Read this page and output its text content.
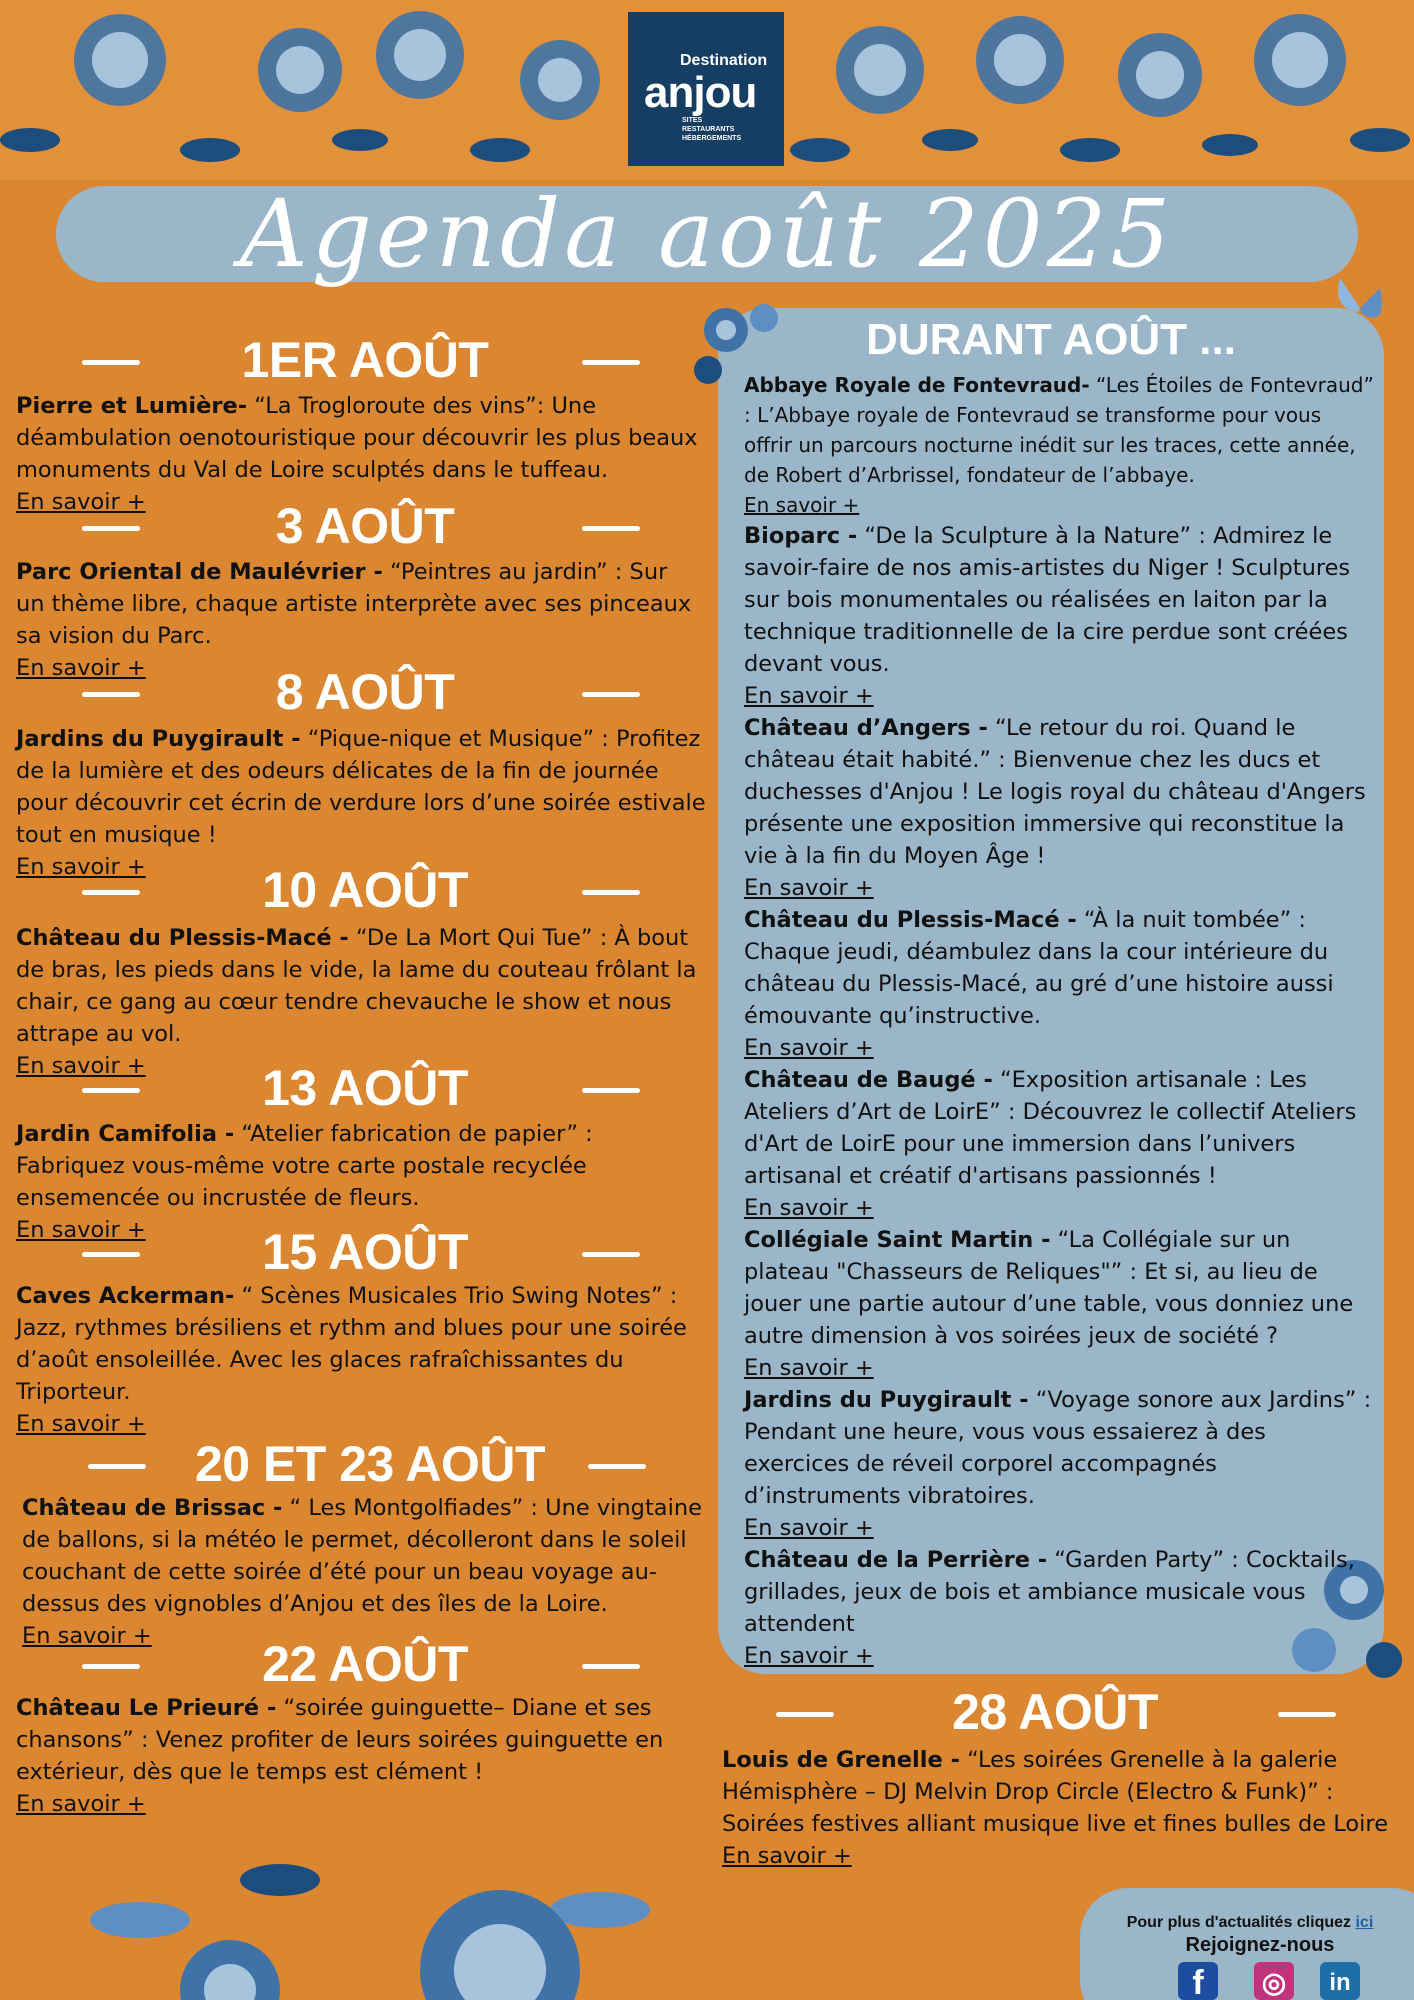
Destination
anjou
SITES
RESTAURANTS
HÉBERGEMENTS
Agenda août 2025
1ER AOÛT
Pierre et Lumière- “La Trogloroute des vins”: Une déambulation oenotouristique pour découvrir les plus beaux monuments du Val de Loire sculptés dans le tuffeau.
En savoir +	3 AOÛT
Parc Oriental de Maulévrier - “Peintres au jardin” : Sur un thème libre, chaque artiste interprète avec ses pinceaux sa vision du Parc.
En savoir +	8 AOÛT
Jardins du Puygirault - “Pique-nique et Musique” : Profitez de la lumière et des odeurs délicates de la fin de journée pour découvrir cet écrin de verdure lors d’une soirée estivale tout en musique !
En savoir +	10 AOÛT
Château du Plessis-Macé - “De La Mort Qui Tue” : À bout de bras, les pieds dans le vide, la lame du couteau frôlant la chair, ce gang au cœur tendre chevauche le show et nous attrape au vol.
En savoir +	13 AOÛT
Jardin Camifolia - “Atelier fabrication de papier” : Fabriquez vous-même votre carte postale recyclée ensemencée ou incrustée de fleurs.
En savoir +	15 AOÛT
Caves Ackerman- “ Scènes Musicales Trio Swing Notes” : Jazz, rythmes brésiliens et rythm and blues pour une soirée d’août ensoleillée. Avec les glaces rafraîchissantes du Triporteur.
En savoir +
20 ET 23 AOÛT
Château de Brissac - “ Les Montgolfiades” : Une vingtaine de ballons, si la météo le permet, décolleront dans le soleil couchant de cette soirée d’été pour un beau voyage au-dessus des vignobles d’Anjou et des îles de la Loire.
En savoir +	22 AOÛT
Château Le Prieuré - “soirée guinguette– Diane et ses chansons” : Venez profiter de leurs soirées guinguette en extérieur, dès que le temps est clément !
En savoir +
DURANT AOÛT ...
Abbaye Royale de Fontevraud- “Les Étoiles de Fontevraud” : L’Abbaye royale de Fontevraud se transforme pour vous offrir un parcours nocturne inédit sur les traces, cette année, de Robert d’Arbrissel, fondateur de l’abbaye.
En savoir +
Bioparc - “De la Sculpture à la Nature” : Admirez le savoir-faire de nos amis-artistes du Niger ! Sculptures sur bois monumentales ou réalisées en laiton par la technique traditionnelle de la cire perdue sont créées devant vous.
En savoir +
Château d’Angers - “Le retour du roi. Quand le château était habité.” : Bienvenue chez les ducs et duchesses d'Anjou ! Le logis royal du château d'Angers présente une exposition immersive qui reconstitue la vie à la fin du Moyen Âge !
En savoir +
Château du Plessis-Macé - “À la nuit tombée” : Chaque jeudi, déambulez dans la cour intérieure du château du Plessis-Macé, au gré d’une histoire aussi émouvante qu’instructive.
En savoir +
Château de Baugé - “Exposition artisanale : Les Ateliers d’Art de LoirE” : Découvrez le collectif Ateliers d'Art de LoirE pour une immersion dans l’univers artisanal et créatif d'artisans passionnés !
En savoir +
Collégiale Saint Martin - “La Collégiale sur un plateau "Chasseurs de Reliques"” : Et si, au lieu de jouer une partie autour d’une table, vous donniez une autre dimension à vos soirées jeux de société ?
En savoir +
Jardins du Puygirault - “Voyage sonore aux Jardins” : Pendant une heure, vous vous essaierez à des exercices de réveil corporel accompagnés d’instruments vibratoires.
En savoir +
Château de la Perrière - “Garden Party” : Cocktails, grillades, jeux de bois et ambiance musicale vous attendent
En savoir +
28 AOÛT
Louis de Grenelle - “Les soirées Grenelle à la galerie Hémisphère – DJ Melvin Drop Circle (Electro & Funk)” : Soirées festives alliant musique live et fines bulles de Loire
En savoir +
Pour plus d'actualités cliquez ici
Rejoignez-nous
f	◎	in
